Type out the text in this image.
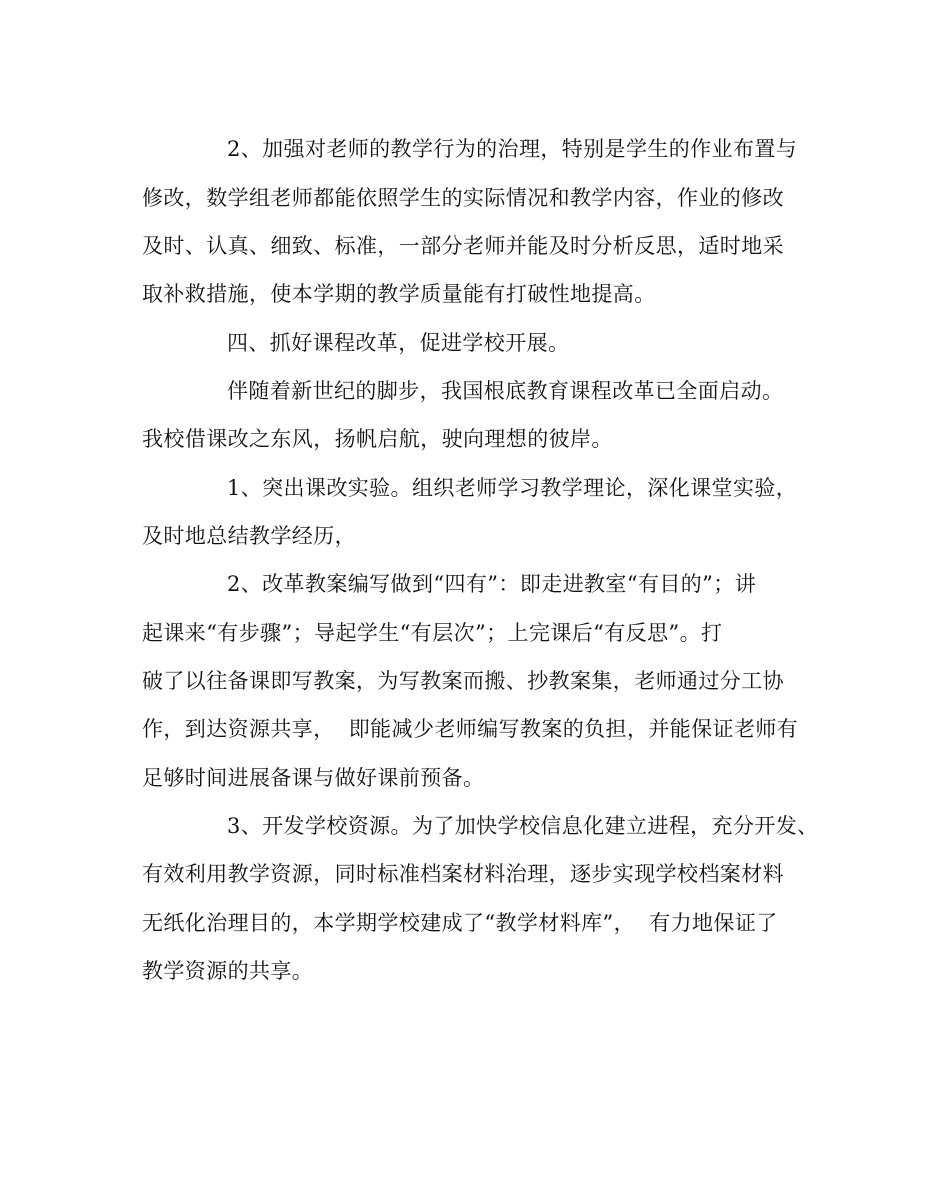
2、加强对老师的教学行为的治理，特别是学生的作业布置与
修改，数学组老师都能依照学生的实际情况和教学内容，作业的修改
及时、认真、细致、标准，一部分老师并能及时分析反思，适时地采
取补救措施，使本学期的教学质量能有打破性地提高。
四、抓好课程改革，促进学校开展。
伴随着新世纪的脚步，我国根底教育课程改革已全面启动。
我校借课改之东风，扬帆启航，驶向理想的彼岸。
1、突出课改实验。组织老师学习教学理论，深化课堂实验，
及时地总结教学经历，
2、改革教案编写做到“四有”：即走进教室“有目的”；讲
起课来“有步骤”；导起学生“有层次”；上完课后“有反思”。打
破了以往备课即写教案，为写教案而搬、抄教案集，老师通过分工协
作，到达资源共享，  即能减少老师编写教案的负担，并能保证老师有
足够时间进展备课与做好课前预备。
3、开发学校资源。为了加快学校信息化建立进程，充分开发、
有效利用教学资源，同时标准档案材料治理，逐步实现学校档案材料
无纸化治理目的，本学期学校建成了“教学材料库”，  有力地保证了
教学资源的共享。
